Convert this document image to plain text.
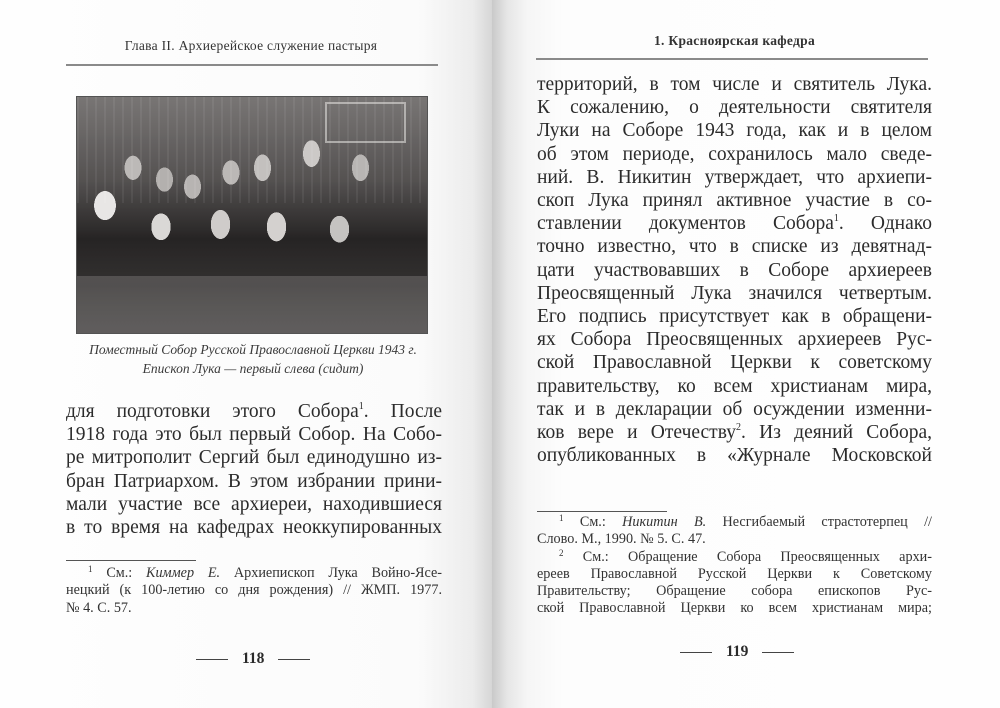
Глава II. Архиерейское служение пастыря
Поместный Собор Русской Православной Церкви 1943 г.
Епископ Лука — первый слева (сидит)
для подготовки этого Собора$^1$. После
1918 года это был первый Собор. На Собо-
ре митрополит Сергий был единодушно из-
бран Патриархом. В этом избрании прини-
мали участие все архиереи, находившиеся
в то время на кафедрах неоккупированных
$^1$ См.: Киммер Е. Архиепископ Лука Войно-Ясе-
нецкий (к 100-летию со дня рождения) // ЖМП. 1977.
№ 4. С. 57.
118
1. Красноярская кафедра
территорий, в том числе и святитель Лука.
К сожалению, о деятельности святителя
Луки на Соборе 1943 года, как и в целом
об этом периоде, сохранилось мало сведе-
ний. В. Никитин утверждает, что архиепи-
скоп Лука принял активное участие в со-
ставлении документов Собора$^1$. Однако
точно известно, что в списке из девятнад-
цати участвовавших в Соборе архиереев
Преосвященный Лука значился четвертым.
Его подпись присутствует как в обращени-
ях Собора Преосвященных архиереев Рус-
ской Православной Церкви к советскому
правительству, ко всем христианам мира,
так и в декларации об осуждении изменни-
ков вере и Отечеству$^2$. Из деяний Собора,
опубликованных в «Журнале Московской
$^1$ См.: Никитин В. Несгибаемый страстотерпец //
Слово. М., 1990. № 5. С. 47.
$^2$ См.: Обращение Собора Преосвященных архи-
ереев Православной Русской Церкви к Советскому
Правительству; Обращение собора епископов Рус-
ской Православной Церкви ко всем христианам мира;
119
